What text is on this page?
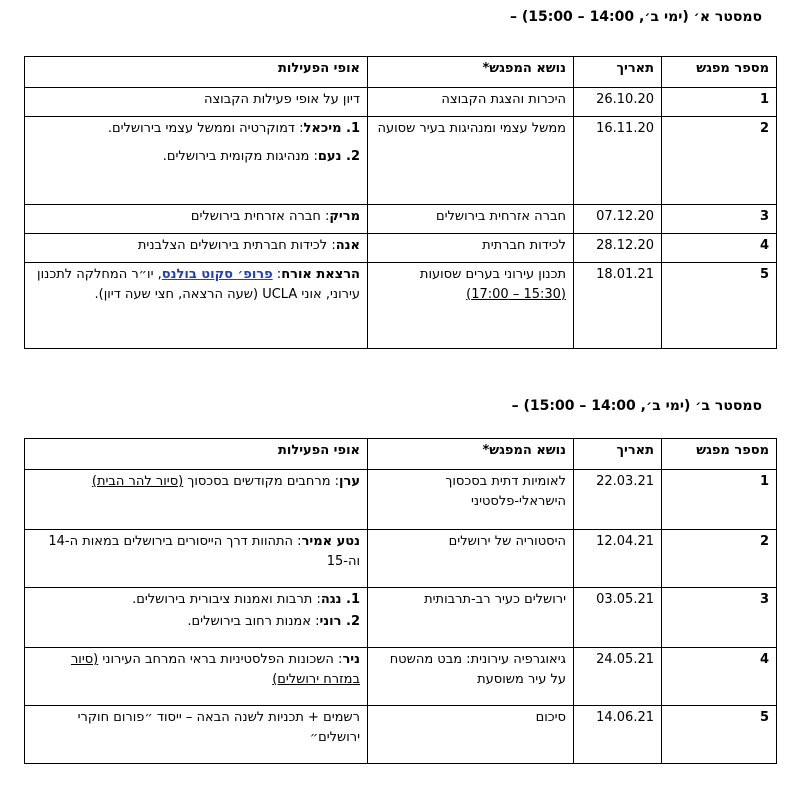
סמסטר א׳ (ימי ב׳, 14:00 – 15:00) –
מספר מפגש	תאריך	נושא המפגש*	אופי הפעילות
1	26.10.20	היכרות והצגת הקבוצה	דיון על אופי פעילות הקבוצה
2	16.11.20	ממשל עצמי ומנהיגות בעיר שסועה	1. מיכאל: דמוקרטיה וממשל עצמי בירושלים.
2. נעם: מנהיגות מקומית בירושלים.

3	07.12.20	חברה אזרחית בירושלים	מריק: חברה אזרחית בירושלים
4	28.12.20	לכידות חברתית	אנה: לכידות חברתית בירושלים הצלבנית
5	18.01.21	תכנון עירוני בערים שסועות (15:30 – 17:00)	הרצאת אורח: פרופ׳ סקוט בולנס, יו״ר המחלקה לתכנון עירוני, אוני UCLA (שעה הרצאה, חצי שעה דיון).
סמסטר ב׳ (ימי ב׳, 14:00 – 15:00) –
מספר מפגש	תאריך	נושא המפגש*	אופי הפעילות
1	22.03.21	לאומיות דתית בסכסוך הישראלי-פלסטיני	ערן: מרחבים מקודשים בסכסוך (סיור להר הבית)
2	12.04.21	היסטוריה של ירושלים	נטע אמיר: התהוות דרך הייסורים בירושלים במאות ה-14 וה-15
3	03.05.21	ירושלים כעיר רב-תרבותית	1. נגה: תרבות ואמנות ציבורית בירושלים.
2. רוני: אמנות רחוב בירושלים.

4	24.05.21	גיאוגרפיה עירונית: מבט מהשטח על עיר משוסעת	ניר: השכונות הפלסטיניות בראי המרחב העירוני (סיור במזרח ירושלים)
5	14.06.21	סיכום	רשמים + תכניות לשנה הבאה – ייסוד ״פורום חוקרי ירושלים״
